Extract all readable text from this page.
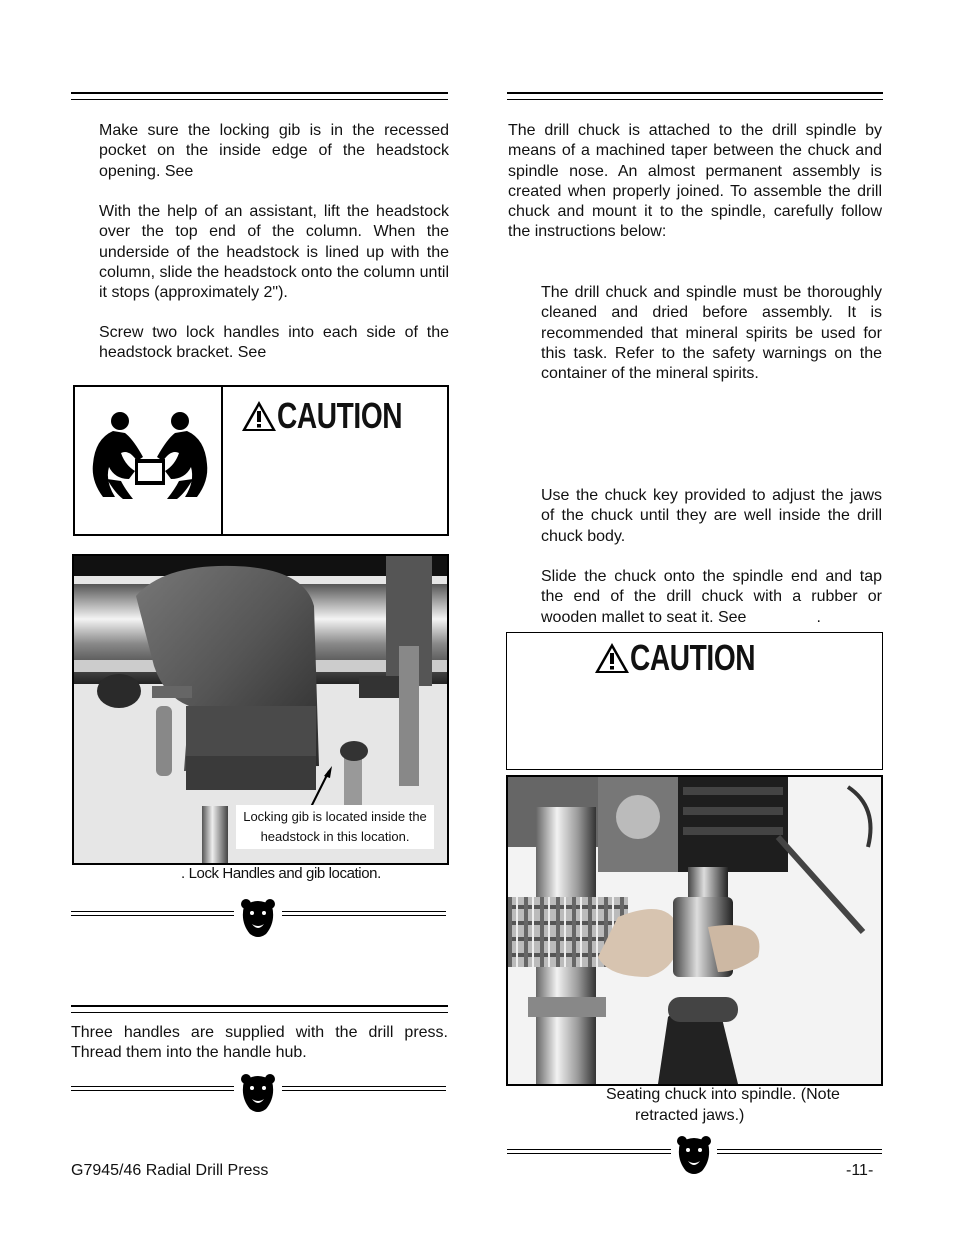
Make sure the locking gib is in the recessed pocket on the inside edge of the headstock opening. See
With the help of an assistant, lift the headstock over the top end of the column. When the underside of the headstock is lined up with the column, slide the headstock onto the column until it stops (approximately 2").
Screw two lock handles into each side of the headstock bracket. See
CAUTION
Locking gib is located inside the headstock in this location.
. Lock Handles and gib location.
Three handles are supplied with the drill press. Thread them into the handle hub.
G7945/46 Radial Drill Press
The drill chuck is attached to the drill spindle by means of a machined taper between the chuck and spindle nose. An almost permanent assembly is created when properly joined. To assemble the drill chuck and mount it to the spindle, carefully follow the instructions below:
The drill chuck and spindle must be thoroughly cleaned and dried before assembly. It is recommended that mineral spirits be used for this task. Refer to the safety warnings on the container of the mineral spirits.
Use the chuck key provided to adjust the jaws of the chuck until they are well inside the drill chuck body.
Slide the chuck onto the spindle end and tap the end of the drill chuck with a rubber or wooden mallet to seat it. See	.
CAUTION
Seating chuck into spindle. (Note
retracted jaws.)
-11-
